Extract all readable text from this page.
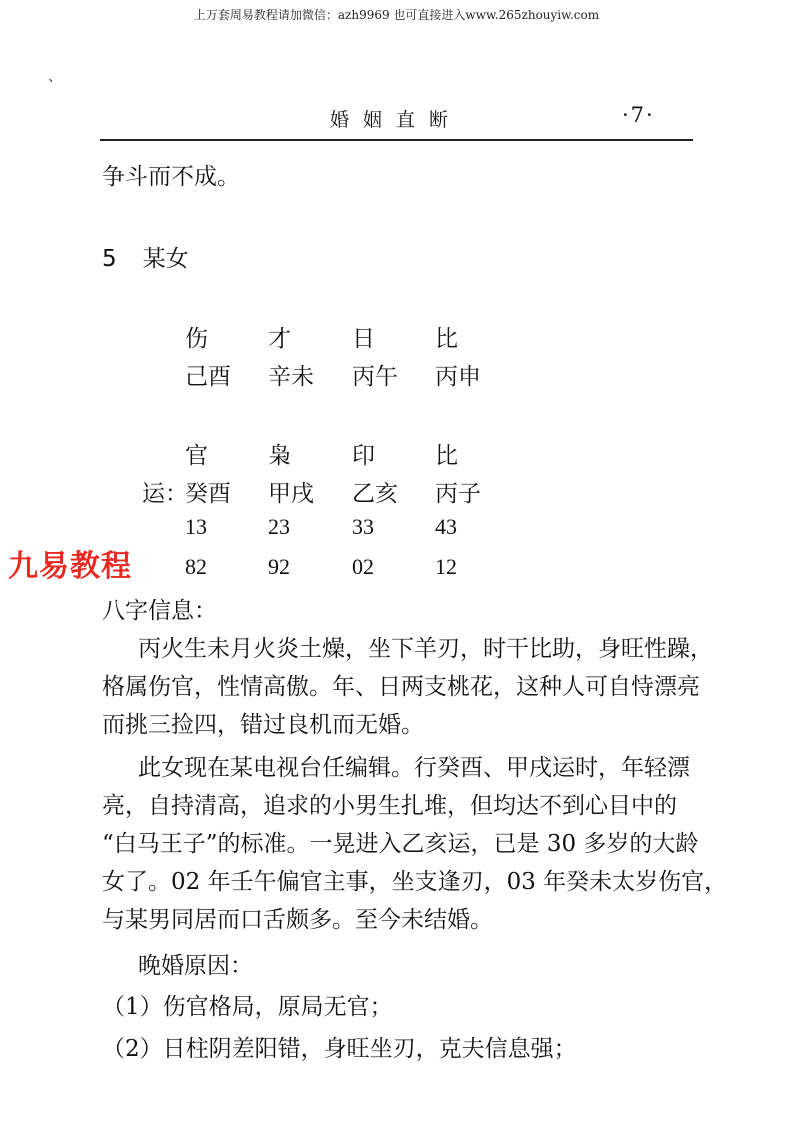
上万套周易教程请加微信：azh9969 也可直接进入www.265zhouyiw.com
、
婚姻直断	·7·
争斗而不成。
5 某女
伤	才	日	比
己酉 辛未 丙午 丙申
官	枭	印	比
运：
癸酉 甲戌 乙亥 丙子
13	23	33	43
82	92	02	12
九易教程
八字信息：
丙火生未月火炎土燥，坐下羊刃，时干比助，身旺性躁，
格属伤官，性情高傲。年、日两支桃花，这种人可自恃漂亮
而挑三捡四，错过良机而无婚。
此女现在某电视台任编辑。行癸酉、甲戌运时，年轻漂
亮，自持清高，追求的小男生扎堆，但均达不到心目中的
“白马王子”的标准。一晃进入乙亥运，已是 30 多岁的大龄
女了。02 年壬午偏官主事，坐支逢刃，03 年癸未太岁伤官，
与某男同居而口舌颇多。至今未结婚。
晚婚原因：
（1）伤官格局，原局无官；
（2）日柱阴差阳错，身旺坐刃，克夫信息强；
